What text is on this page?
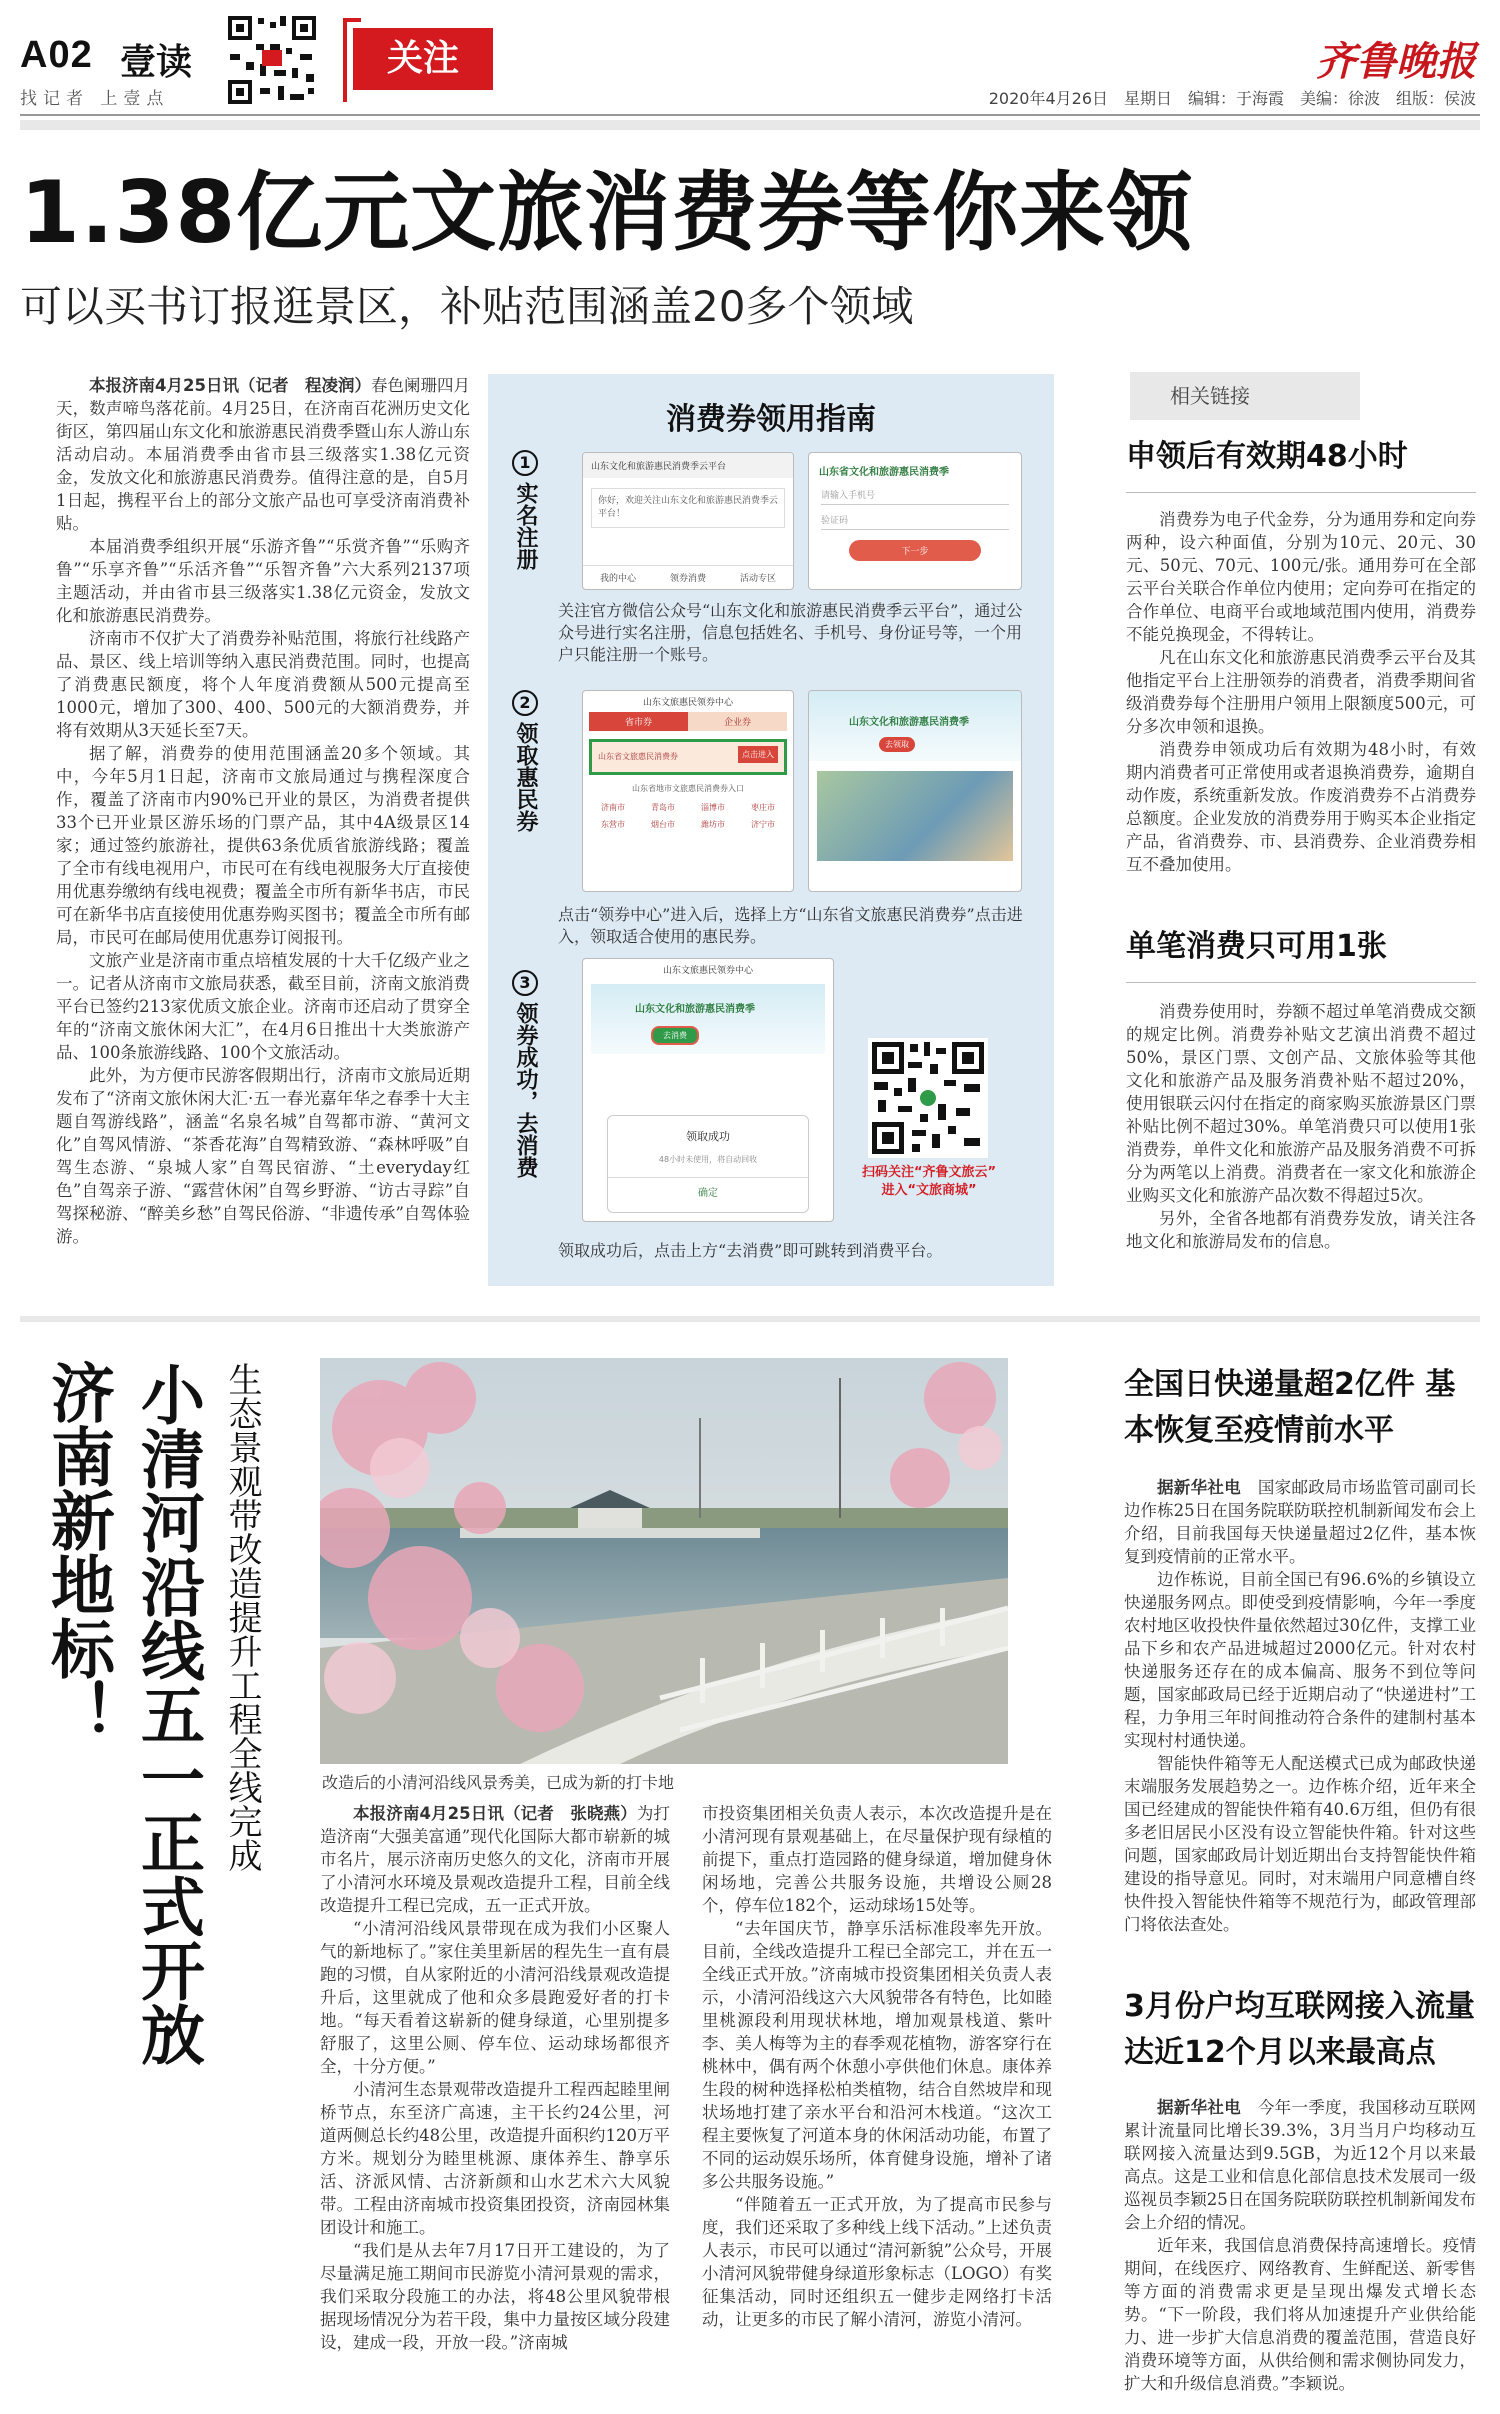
A02 壹读
找记者 上壹点
关注	齐鲁晚报
2020年4月26日　星期日　编辑：于海霞　美编：徐波　组版：侯波
1.38亿元文旅消费券等你来领
可以买书订报逛景区，补贴范围涵盖20多个领域

本报济南4月25日讯（记者　程凌润）春色阑珊四月天，数声啼鸟落花前。4月25日，在济南百花洲历史文化街区，第四届山东文化和旅游惠民消费季暨山东人游山东活动启动。本届消费季由省市县三级落实1.38亿元资金，发放文化和旅游惠民消费券。值得注意的是，自5月1日起，携程平台上的部分文旅产品也可享受济南消费补贴。

本届消费季组织开展“乐游齐鲁”“乐赏齐鲁”“乐购齐鲁”“乐享齐鲁”“乐活齐鲁”“乐智齐鲁”六大系列2137项主题活动，并由省市县三级落实1.38亿元资金，发放文化和旅游惠民消费券。

济南市不仅扩大了消费券补贴范围，将旅行社线路产品、景区、线上培训等纳入惠民消费范围。同时，也提高了消费惠民额度，将个人年度消费额从500元提高至1000元，增加了300、400、500元的大额消费券，并将有效期从3天延长至7天。

据了解，消费券的使用范围涵盖20多个领域。其中，今年5月1日起，济南市文旅局通过与携程深度合作，覆盖了济南市内90%已开业的景区，为消费者提供33个已开业景区游乐场的门票产品，其中4A级景区14家；通过签约旅游社，提供63条优质省旅游线路；覆盖了全市有线电视用户，市民可在有线电视服务大厅直接使用优惠券缴纳有线电视费；覆盖全市所有新华书店，市民可在新华书店直接使用优惠券购买图书；覆盖全市所有邮局，市民可在邮局使用优惠券订阅报刊。

文旅产业是济南市重点培植发展的十大千亿级产业之一。记者从济南市文旅局获悉，截至目前，济南文旅消费平台已签约213家优质文旅企业。济南市还启动了贯穿全年的“济南文旅休闲大汇”，在4月6日推出十大类旅游产品、100条旅游线路、100个文旅活动。

此外，为方便市民游客假期出行，济南市文旅局近期发布了“济南文旅休闲大汇·五一春光嘉年华之春季十大主题自驾游线路”，涵盖“名泉名城”自驾都市游、“黄河文化”自驾风情游、“茶香花海”自驾精致游、“森林呼吸”自驾生态游、“泉城人家”自驾民宿游、“土everyday红色”自驾亲子游、“露营休闲”自驾乡野游、“访古寻踪”自驾探秘游、“醉美乡愁”自驾民俗游、“非遗传承”自驾体验游。

消费券领用指南
1
实名注册
山东文化和旅游惠民消费季云平台
你好，欢迎关注山东文化和旅游惠民消费季云平台！
我的中心	领券消费	活动专区
山东省文化和旅游惠民消费季
请输入手机号
验证码
下一步
关注官方微信公众号“山东文化和旅游惠民消费季云平台”，通过公众号进行实名注册，信息包括姓名、手机号、身份证号等，一个用户只能注册一个账号。
2
领取惠民券
山东文旅惠民领券中心
省市券	企业券
山东省文旅惠民消费券	点击进入
山东省地市文旅惠民消费券入口
济南市	青岛市	淄博市	枣庄市
东营市	烟台市	潍坊市	济宁市
山东文化和旅游惠民消费季
去领取
点击“领券中心”进入后，选择上方“山东省文旅惠民消费券”点击进入，领取适合使用的惠民券。
3
领券成功，去消费
山东文旅惠民领券中心
山东文化和旅游惠民消费季
去消费
领取成功
48小时未使用，将自动回收
确定
扫码关注“齐鲁文旅云”
进入“文旅商城”
领取成功后，点击上方“去消费”即可跳转到消费平台。
相关链接
申领后有效期48小时

消费券为电子代金券，分为通用券和定向券两种，设六种面值，分别为10元、20元、30元、50元、70元、100元/张。通用券可在全部云平台关联合作单位内使用；定向券可在指定的合作单位、电商平台或地域范围内使用，消费券不能兑换现金，不得转让。

凡在山东文化和旅游惠民消费季云平台及其他指定平台上注册领券的消费者，消费季期间省级消费券每个注册用户领用上限额度500元，可分多次申领和退换。

消费券申领成功后有效期为48小时，有效期内消费者可正常使用或者退换消费券，逾期自动作废，系统重新发放。作废消费券不占消费券总额度。企业发放的消费券用于购买本企业指定产品，省消费券、市、县消费券、企业消费券相互不叠加使用。

单笔消费只可用1张

消费券使用时，券额不超过单笔消费成交额的规定比例。消费券补贴文艺演出消费不超过50%，景区门票、文创产品、文旅体验等其他文化和旅游产品及服务消费补贴不超过20%，使用银联云闪付在指定的商家购买旅游景区门票补贴比例不超过30%。单笔消费只可以使用1张消费券，单件文化和旅游产品及服务消费不可拆分为两笔以上消费。消费者在一家文化和旅游企业购买文化和旅游产品次数不得超过5次。

另外，全省各地都有消费券发放，请关注各地文化和旅游局发布的信息。

济南新地标！ 小清河沿线五一正式开放 生态景观带改造提升工程全线完成	改造后的小清河沿线风景秀美，已成为新的打卡地

本报济南4月25日讯（记者　张晓燕）为打造济南“大强美富通”现代化国际大都市崭新的城市名片，展示济南历史悠久的文化，济南市开展了小清河水环境及景观改造提升工程，目前全线改造提升工程已完成，五一正式开放。

“小清河沿线风景带现在成为我们小区聚人气的新地标了。”家住美里新居的程先生一直有晨跑的习惯，自从家附近的小清河沿线景观改造提升后，这里就成了他和众多晨跑爱好者的打卡地。“每天看着这崭新的健身绿道，心里别提多舒服了，这里公厕、停车位、运动球场都很齐全，十分方便。”

小清河生态景观带改造提升工程西起睦里闸桥节点，东至济广高速，主干长约24公里，河道两侧总长约48公里，改造提升面积约120万平方米。规划分为睦里桃源、康体养生、静享乐活、济派风情、古济新颜和山水艺术六大风貌带。工程由济南城市投资集团投资，济南园林集团设计和施工。

“我们是从去年7月17日开工建设的，为了尽量满足施工期间市民游览小清河景观的需求，我们采取分段施工的办法，将48公里风貌带根据现场情况分为若干段，集中力量按区域分段建设，建成一段，开放一段。”济南城

市投资集团相关负责人表示，本次改造提升是在小清河现有景观基础上，在尽量保护现有绿植的前提下，重点打造园路的健身绿道，增加健身休闲场地，完善公共服务设施，共增设公厕28个，停车位182个，运动球场15处等。

“去年国庆节，静享乐活标准段率先开放。目前，全线改造提升工程已全部完工，并在五一全线正式开放。”济南城市投资集团相关负责人表示，小清河沿线这六大风貌带各有特色，比如睦里桃源段利用现状林地，增加观景栈道、紫叶李、美人梅等为主的春季观花植物，游客穿行在桃林中，偶有两个休憩小亭供他们休息。康体养生段的树种选择松柏类植物，结合自然坡岸和现状场地打建了亲水平台和沿河木栈道。“这次工程主要恢复了河道本身的休闲活动功能，布置了不同的运动娱乐场所，体育健身设施，增补了诸多公共服务设施。”

“伴随着五一正式开放，为了提高市民参与度，我们还采取了多种线上线下活动。”上述负责人表示，市民可以通过“清河新貌”公众号，开展小清河风貌带健身绿道形象标志（LOGO）有奖征集活动，同时还组织五一健步走网络打卡活动，让更多的市民了解小清河，游览小清河。

全国日快递量超2亿件 基本恢复至疫情前水平

据新华社电　 国家邮政局市场监管司副司长边作栋25日在国务院联防联控机制新闻发布会上介绍，目前我国每天快递量超过2亿件，基本恢复到疫情前的正常水平。

边作栋说，目前全国已有96.6%的乡镇设立快递服务网点。即使受到疫情影响，今年一季度农村地区收投快件量依然超过30亿件，支撑工业品下乡和农产品进城超过2000亿元。针对农村快递服务还存在的成本偏高、服务不到位等问题，国家邮政局已经于近期启动了“快递进村”工程，力争用三年时间推动符合条件的建制村基本实现村村通快递。

智能快件箱等无人配送模式已成为邮政快递末端服务发展趋势之一。边作栋介绍，近年来全国已经建成的智能快件箱有40.6万组，但仍有很多老旧居民小区没有设立智能快件箱。针对这些问题，国家邮政局计划近期出台支持智能快件箱建设的指导意见。同时，对末端用户同意槽自终快件投入智能快件箱等不规范行为，邮政管理部门将依法查处。

3月份户均互联网接入流量 达近12个月以来最高点

据新华社电　 今年一季度，我国移动互联网累计流量同比增长39.3%，3月当月户均移动互联网接入流量达到9.5GB，为近12个月以来最高点。这是工业和信息化部信息技术发展司一级巡视员李颖25日在国务院联防联控机制新闻发布会上介绍的情况。

近年来，我国信息消费保持高速增长。疫情期间，在线医疗、网络教育、生鲜配送、新零售等方面的消费需求更是呈现出爆发式增长态势。“下一阶段，我们将从加速提升产业供给能力、进一步扩大信息消费的覆盖范围，营造良好消费环境等方面，从供给侧和需求侧协同发力，扩大和升级信息消费。”李颖说。
